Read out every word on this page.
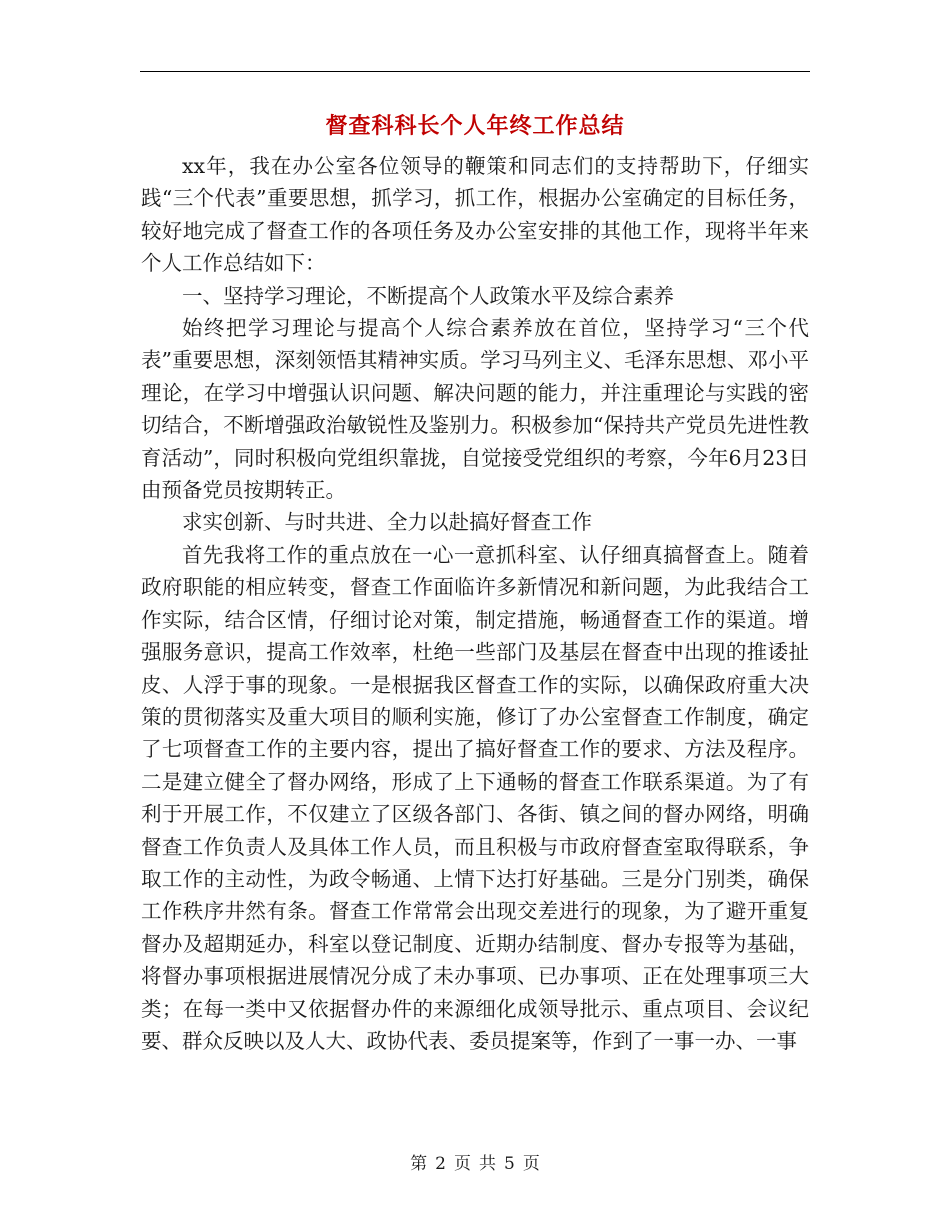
督查科科长个人年终工作总结

xx年，我在办公室各位领导的鞭策和同志们的支持帮助下，仔细实践“三个代表”重要思想，抓学习，抓工作，根据办公室确定的目标任务，较好地完成了督查工作的各项任务及办公室安排的其他工作，现将半年来个人工作总结如下：

一、坚持学习理论，不断提高个人政策水平及综合素养

始终把学习理论与提高个人综合素养放在首位，坚持学习“三个代表”重要思想，深刻领悟其精神实质。学习马列主义、毛泽东思想、邓小平理论，在学习中增强认识问题、解决问题的能力，并注重理论与实践的密切结合，不断增强政治敏锐性及鉴别力。积极参加“保持共产党员先进性教育活动”，同时积极向党组织靠拢，自觉接受党组织的考察，今年6月23日由预备党员按期转正。

求实创新、与时共进、全力以赴搞好督查工作

首先我将工作的重点放在一心一意抓科室、认仔细真搞督查上。随着政府职能的相应转变，督查工作面临许多新情况和新问题，为此我结合工作实际，结合区情，仔细讨论对策，制定措施，畅通督查工作的渠道。增强服务意识，提高工作效率，杜绝一些部门及基层在督查中出现的推诿扯皮、人浮于事的现象。一是根据我区督查工作的实际，以确保政府重大决策的贯彻落实及重大项目的顺利实施，修订了办公室督查工作制度，确定了七项督查工作的主要内容，提出了搞好督查工作的要求、方法及程序。二是建立健全了督办网络，形成了上下通畅的督查工作联系渠道。为了有利于开展工作，不仅建立了区级各部门、各街、镇之间的督办网络，明确督查工作负责人及具体工作人员，而且积极与市政府督查室取得联系，争取工作的主动性，为政令畅通、上情下达打好基础。三是分门别类，确保工作秩序井然有条。督查工作常常会出现交差进行的现象，为了避开重复督办及超期延办，科室以登记制度、近期办结制度、督办专报等为基础，将督办事项根据进展情况分成了未办事项、已办事项、正在处理事项三大类；在每一类中又依据督办件的来源细化成领导批示、重点项目、会议纪要、群众反映以及人大、政协代表、委员提案等，作到了一事一办、一事

第 2 页 共 5 页
